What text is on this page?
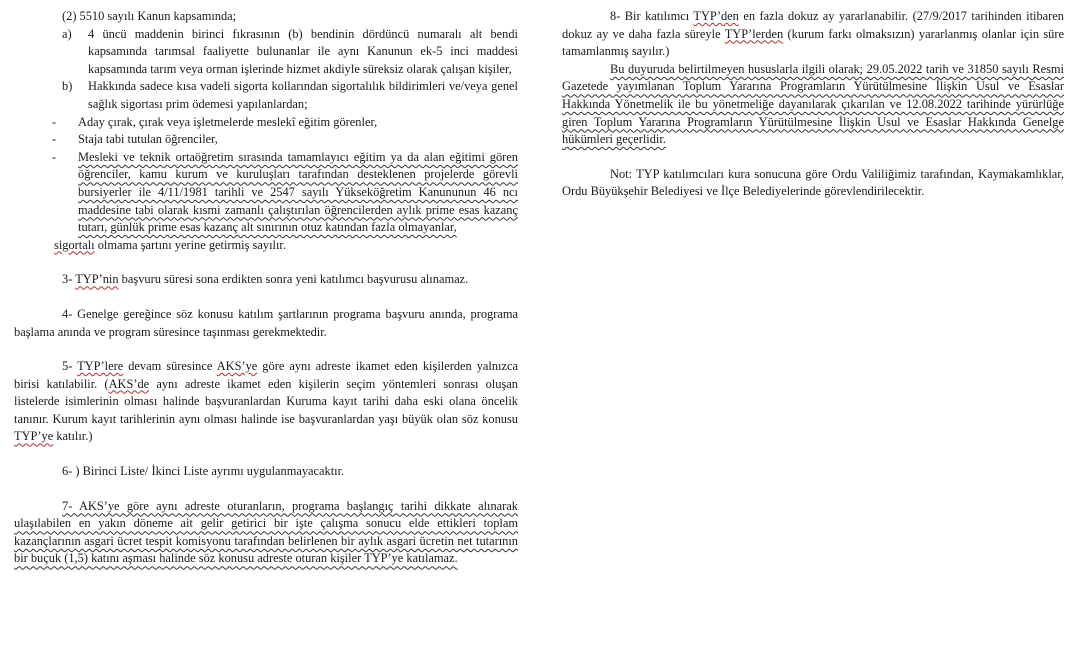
(2) 5510 sayılı Kanun kapsamında;

a)	4 üncü maddenin birinci fıkrasının (b) bendinin dördüncü numaralı alt bendi kapsamında tarımsal faaliyette bulunanlar ile aynı Kanunun ek-5 inci maddesi kapsamında tarım veya orman işlerinde hizmet akdiyle süreksiz olarak çalışan kişiler,
b)	Hakkında sadece kısa vadeli sigorta kollarından sigortalılık bildirimleri ve/veya genel sağlık sigortası prim ödemesi yapılanlardan;
-	Aday çırak, çırak veya işletmelerde meslekî eğitim görenler,
-	Staja tabi tutulan öğrenciler,
-	Mesleki ve teknik ortaöğretim sırasında tamamlayıcı eğitim ya da alan eğitimi gören öğrenciler, kamu kurum ve kuruluşları tarafından desteklenen projelerde görevli bursiyerler ile 4/11/1981 tarihli ve 2547 sayılı Yükseköğretim Kanununun 46 ncı maddesine tabi olarak kısmi zamanlı çalıştırılan öğrencilerden aylık prime esas kazanç tutarı, günlük prime esas kazanç alt sınırının otuz katından fazla olmayanlar,

sigortalı olmama şartını yerine getirmiş sayılır.

3- TYP’nin başvuru süresi sona erdikten sonra yeni katılımcı başvurusu alınamaz.

4- Genelge gereğince söz konusu katılım şartlarının programa başvuru anında, programa başlama anında ve program süresince taşınması gerekmektedir.

5- TYP’lere devam süresince AKS’ye göre aynı adreste ikamet eden kişilerden yalnızca birisi katılabilir. (AKS’de aynı adreste ikamet eden kişilerin seçim yöntemleri sonrası oluşan listelerde isimlerinin olması halinde başvuranlardan Kuruma kayıt tarihi daha eski olana öncelik tanınır. Kurum kayıt tarihlerinin aynı olması halinde ise başvuranlardan yaşı büyük olan söz konusu TYP’ye katılır.)

6- ) Birinci Liste/ İkinci Liste ayrımı uygulanmayacaktır.

7- AKS’ye göre aynı adreste oturanların, programa başlangıç tarihi dikkate alınarak ulaşılabilen en yakın döneme ait gelir getirici bir işte çalışma sonucu elde ettikleri toplam kazançlarının asgari ücret tespit komisyonu tarafından belirlenen bir aylık asgari ücretin net tutarının bir buçuk (1,5) katını aşması halinde söz konusu adreste oturan kişiler TYP’ye katılamaz.

8- Bir katılımcı TYP’den en fazla dokuz ay yararlanabilir. (27/9/2017 tarihinden itibaren dokuz ay ve daha fazla süreyle TYP’lerden (kurum farkı olmaksızın) yararlanmış olanlar için süre tamamlanmış sayılır.)

Bu duyuruda belirtilmeyen hususlarla ilgili olarak; 29.05.2022 tarih ve 31850 sayılı Resmi Gazetede yayımlanan Toplum Yararına Programların Yürütülmesine İlişkin Usul ve Esaslar Hakkında Yönetmelik ile bu yönetmeliğe dayanılarak çıkarılan ve 12.08.2022 tarihinde yürürlüğe giren Toplum Yararına Programların Yürütülmesine İlişkin Usul ve Esaslar Hakkında Genelge hükümleri geçerlidir.

Not: TYP katılımcıları kura sonucuna göre Ordu Valiliğimiz tarafından, Kaymakamlıklar, Ordu Büyükşehir Belediyesi ve İlçe Belediyelerinde görevlendirilecektir.
